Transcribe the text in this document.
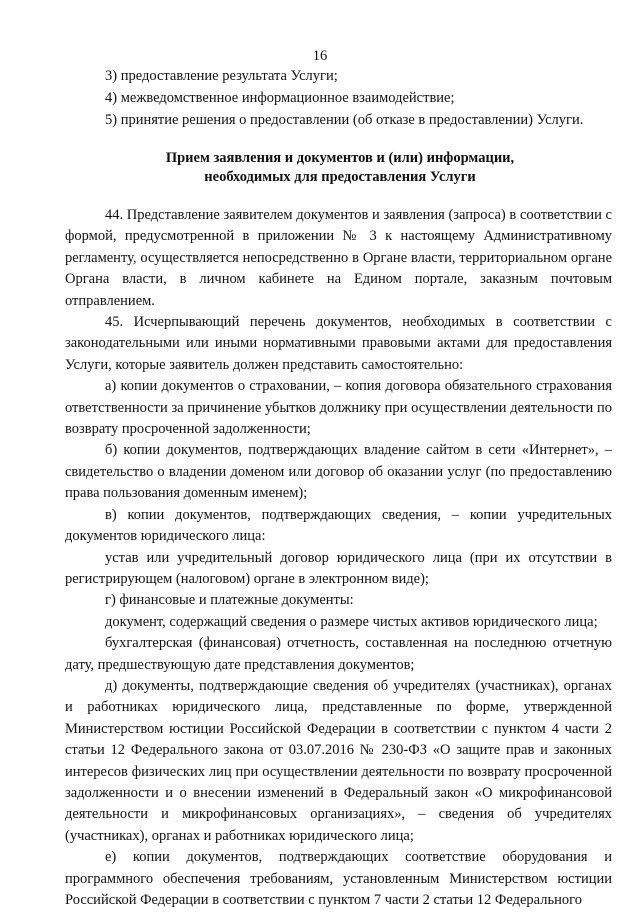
16
3) предоставление результата Услуги;
4) межведомственное информационное взаимодействие;
5) принятие решения о предоставлении (об отказе в предоставлении) Услуги.
Прием заявления и документов и (или) информации,
необходимых для предоставления Услуги

44. Представление заявителем документов и заявления (запроса) в соответствии с формой, предусмотренной в приложении № 3 к настоящему Административному регламенту, осуществляется непосредственно в Органе власти, территориальном органе Органа власти, в личном кабинете на Едином портале, заказным почтовым отправлением.

45. Исчерпывающий перечень документов, необходимых в соответствии с законодательными или иными нормативными правовыми актами для предоставления Услуги, которые заявитель должен представить самостоятельно:

а) копии документов о страховании, – копия договора обязательного страхования ответственности за причинение убытков должнику при осуществлении деятельности по возврату просроченной задолженности;

б) копии документов, подтверждающих владение сайтом в сети «Интернет», – свидетельство о владении доменом или договор об оказании услуг (по предоставлению права пользования доменным именем);

в) копии документов, подтверждающих сведения, – копии учредительных документов юридического лица:

устав или учредительный договор юридического лица (при их отсутствии в регистрирующем (налоговом) органе в электронном виде);

г) финансовые и платежные документы:

документ, содержащий сведения о размере чистых активов юридического лица;

бухгалтерская (финансовая) отчетность, составленная на последнюю отчетную дату, предшествующую дате представления документов;

д) документы, подтверждающие сведения об учредителях (участниках), органах и работниках юридического лица, представленные по форме, утвержденной Министерством юстиции Российской Федерации в соответствии с пунктом 4 части 2 статьи 12 Федерального закона от 03.07.2016 № 230-ФЗ «О защите прав и законных интересов физических лиц при осуществлении деятельности по возврату просроченной задолженности и о внесении изменений в Федеральный закон «О микрофинансовой деятельности и микрофинансовых организациях», – сведения об учредителях (участниках), органах и работниках юридического лица;

е) копии документов, подтверждающих соответствие оборудования и программного обеспечения требованиям, установленным Министерством юстиции Российской Федерации в соответствии с пунктом 7 части 2 статьи 12 Федерального
